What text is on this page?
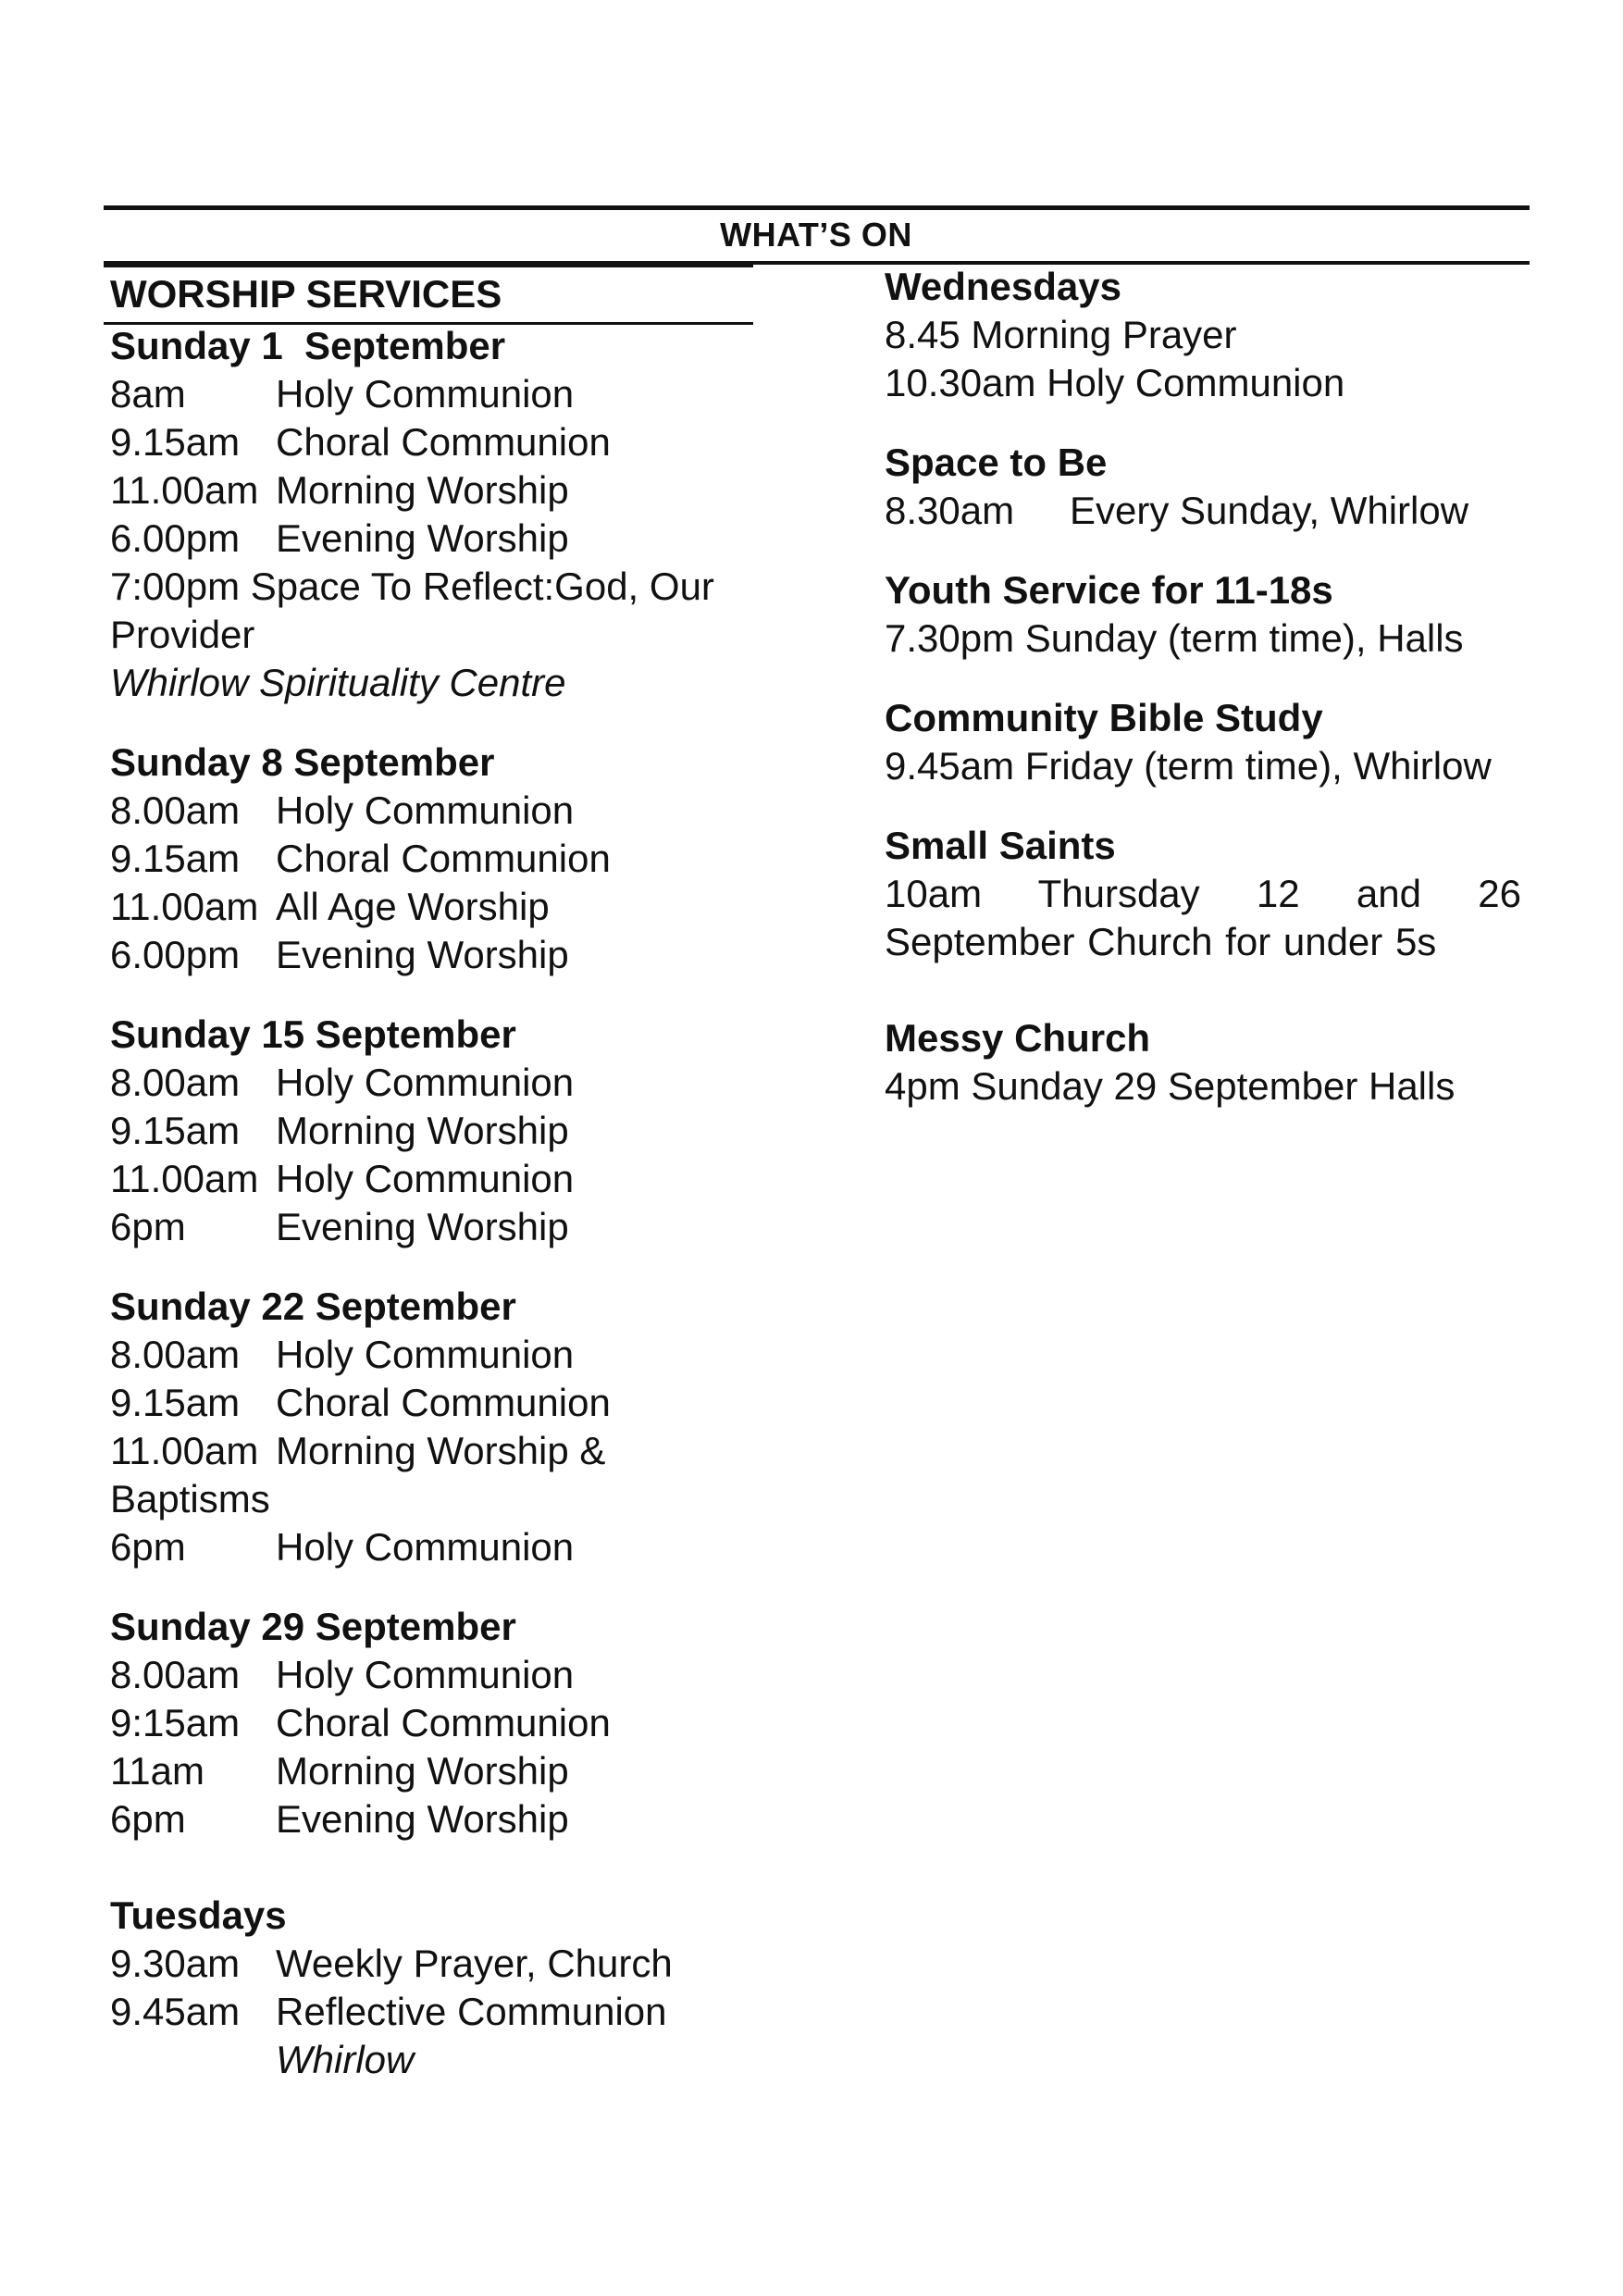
WHAT’S ON
WORSHIP SERVICES
Sunday 1  September
8am	Holy Communion
9.15am Choral Communion
11.00am Morning Worship
6.00pm Evening Worship
7:00pm Space To Reflect:God, Our Provider
Whirlow Spirituality Centre
Sunday 8 September
8.00am Holy Communion
9.15am Choral Communion
11.00am All Age Worship
6.00pm Evening Worship
Sunday 15 September
8.00am Holy Communion
9.15am Morning Worship
11.00am Holy Communion
6pm	Evening Worship
Sunday 22 September
8.00am Holy Communion
9.15am Choral Communion
11.00am Morning Worship &
Baptisms
6pm	Holy Communion
Sunday 29 September
8.00am Holy Communion
9:15am Choral Communion
11am	Morning Worship
6pm	Evening Worship
Tuesdays
9.30am Weekly Prayer, Church
9.45am Reflective Communion
Whirlow
Wednesdays
8.45 Morning Prayer
10.30am Holy Communion
Space to Be
8.30am	Every Sunday, Whirlow
Youth Service for 11-18s
7.30pm Sunday (term time), Halls
Community Bible Study
9.45am Friday (term time), Whirlow
Small Saints
10am Thursday 12 and 26 September Church for under 5s
Messy Church
4pm Sunday 29 September Halls
